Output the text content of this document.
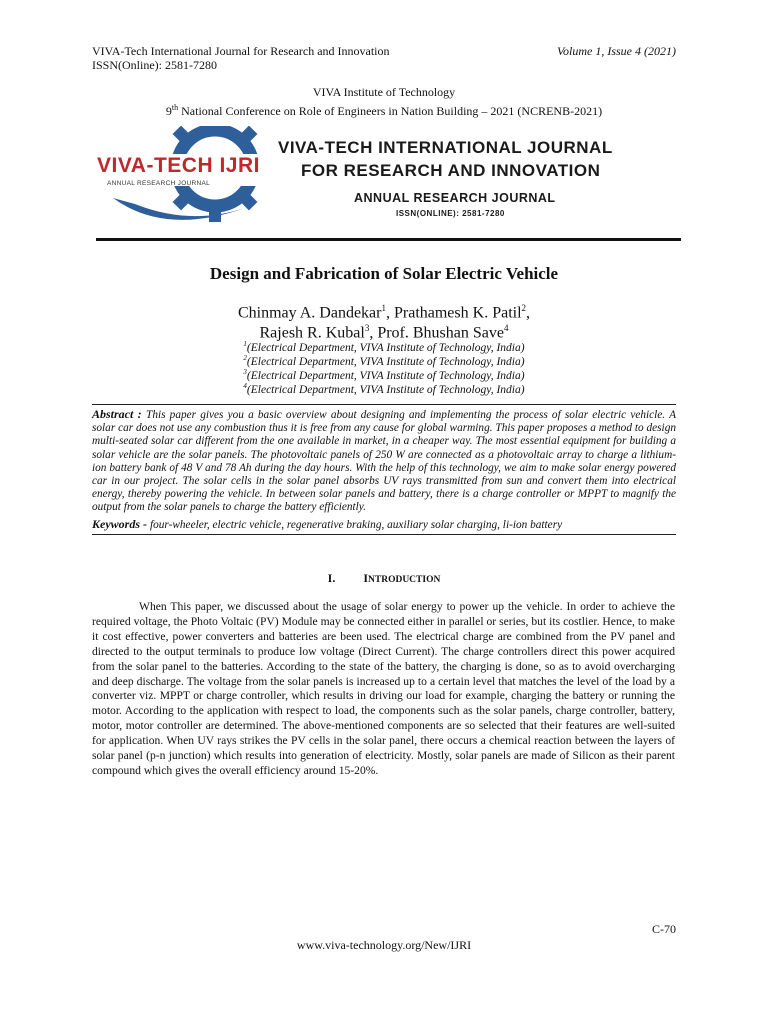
VIVA-Tech International Journal for Research and Innovation
ISSN(Online): 2581-7280
Volume 1, Issue 4 (2021)
VIVA Institute of Technology
9th National Conference on Role of Engineers in Nation Building – 2021 (NCRENB-2021)
VIVA-TECH IJRI
ANNUAL RESEARCH JOURNAL
VIVA-TECH INTERNATIONAL JOURNAL
FOR RESEARCH AND INNOVATION
ANNUAL RESEARCH JOURNAL
ISSN(ONLINE): 2581-7280
Design and Fabrication of Solar Electric Vehicle
Chinmay A. Dandekar$^1$, Prathamesh K. Patil$^2$,
Rajesh R. Kubal$^3$, Prof. Bhushan Save$^4$
$^1$(Electrical Department, VIVA Institute of Technology, India)
$^2$(Electrical Department, VIVA Institute of Technology, India)
$^3$(Electrical Department, VIVA Institute of Technology, India)
$^4$(Electrical Department, VIVA Institute of Technology, India)
Abstract : This paper gives you a basic overview about designing and implementing the process of solar electric vehicle. A solar car does not use any combustion thus it is free from any cause for global warming. This paper proposes a method to design multi-seated solar car different from the one available in market, in a cheaper way. The most essential equipment for building a solar vehicle are the solar panels. The photovoltaic panels of 250 W are connected as a photovoltaic array to charge a lithium-ion battery bank of 48 V and 78 Ah during the day hours. With the help of this technology, we aim to make solar energy powered car in our project. The solar cells in the solar panel absorbs UV rays transmitted from sun and convert them into electrical energy, thereby powering the vehicle. In between solar panels and battery, there is a charge controller or MPPT to magnify the output from the solar panels to charge the battery efficiently.
Keywords - four-wheeler, electric vehicle, regenerative braking, auxiliary solar charging, li-ion battery
I. INTRODUCTION
When This paper, we discussed about the usage of solar energy to power up the vehicle. In order to achieve the required voltage, the Photo Voltaic (PV) Module may be connected either in parallel or series, but its costlier. Hence, to make it cost effective, power converters and batteries are been used. The electrical charge are combined from the PV panel and directed to the output terminals to produce low voltage (Direct Current). The charge controllers direct this power acquired from the solar panel to the batteries. According to the state of the battery, the charging is done, so as to avoid overcharging and deep discharge. The voltage from the solar panels is increased up to a certain level that matches the level of the load by a converter viz. MPPT or charge controller, which results in driving our load for example, charging the battery or running the motor. According to the application with respect to load, the components such as the solar panels, charge controller, battery, motor, motor controller are determined. The above-mentioned components are so selected that their features are well-suited for application. When UV rays strikes the PV cells in the solar panel, there occurs a chemical reaction between the layers of solar panel (p-n junction) which results into generation of electricity. Mostly, solar panels are made of Silicon as their parent compound which gives the overall efficiency around 15-20%.
C-70
www.viva-technology.org/New/IJRI
